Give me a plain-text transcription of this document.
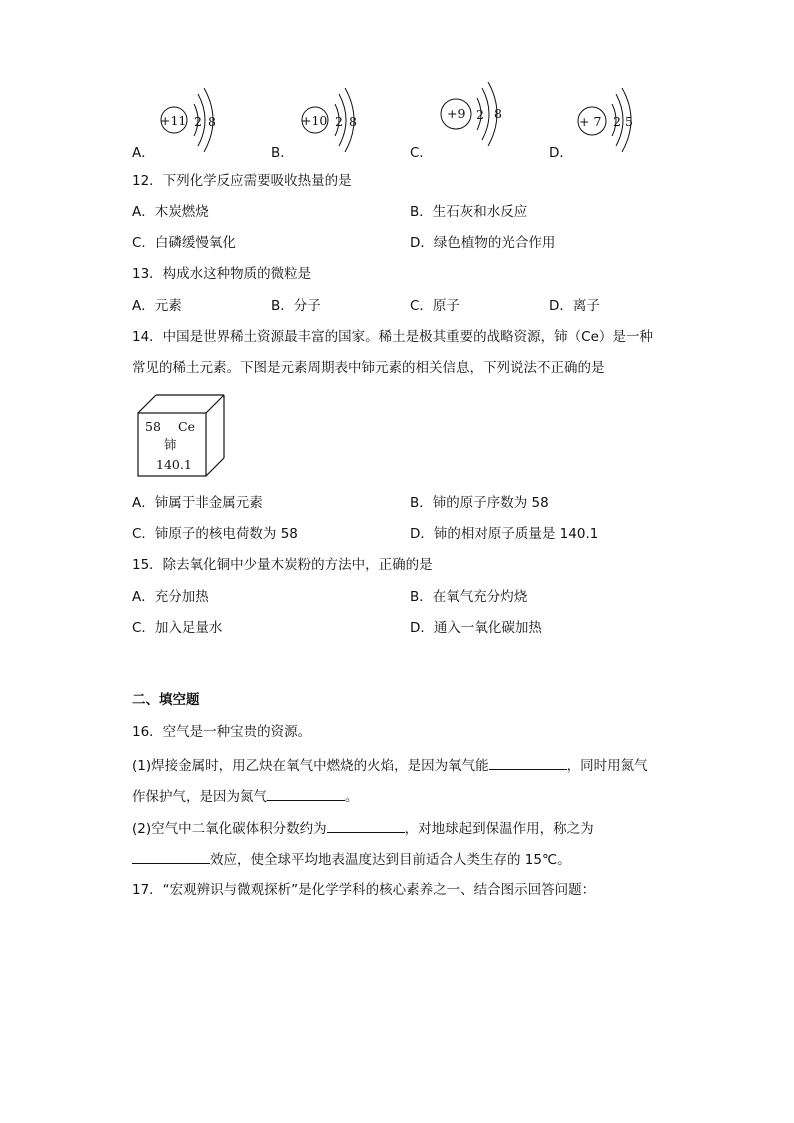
A．
+11 2 8
B．
+10 2 8
C．
+9 2 8
D．
+ 7 2 5
12．下列化学反应需要吸收热量的是
A．木炭燃烧	B．生石灰和水反应
C．白磷缓慢氧化	D．绿色植物的光合作用
13．构成水这种物质的微粒是
A．元素	B．分子	C．原子	D．离子
14．中国是世界稀土资源最丰富的国家。稀土是极其重要的战略资源，铈（Ce）是一种
常见的稀土元素。下图是元素周期表中铈元素的相关信息，下列说法不正确的是
58 Ce
铈
140.1
A．铈属于非金属元素	B．铈的原子序数为 58
C．铈原子的核电荷数为 58	D．铈的相对原子质量是 140.1
15．除去氧化铜中少量木炭粉的方法中，正确的是
A．充分加热	B．在氧气充分灼烧
C．加入足量水	D．通入一氧化碳加热
二、填空题
16．空气是一种宝贵的资源。
(1)焊接金属时，用乙炔在氧气中燃烧的火焰，是因为氧气能	，同时用氮气
作保护气，是因为氮气	。
(2)空气中二氧化碳体积分数约为	，对地球起到保温作用，称之为
效应，使全球平均地表温度达到目前适合人类生存的 15℃。
17．“宏观辨识与微观探析”是化学学科的核心素养之一、结合图示回答问题：
